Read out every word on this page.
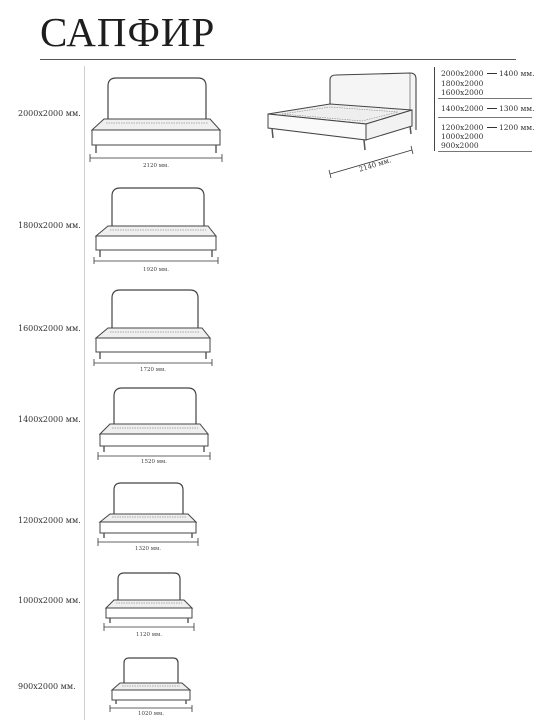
САПФИР
2000x2000 мм.
1800x2000 мм.
1600x2000 мм.
1400x2000 мм.
1200x2000 мм.
1000x2000 мм.
900x2000 мм.
2120 мм.
1920 мм.
1720 мм.
1520 мм.
1320 мм.
1120 мм.
1020 мм.
2140 мм.
2000x2000 1400 мм.
1800x2000
1600x2000
1400x2000 1300 мм.
1200x2000 1200 мм.
1000x2000
900x2000
